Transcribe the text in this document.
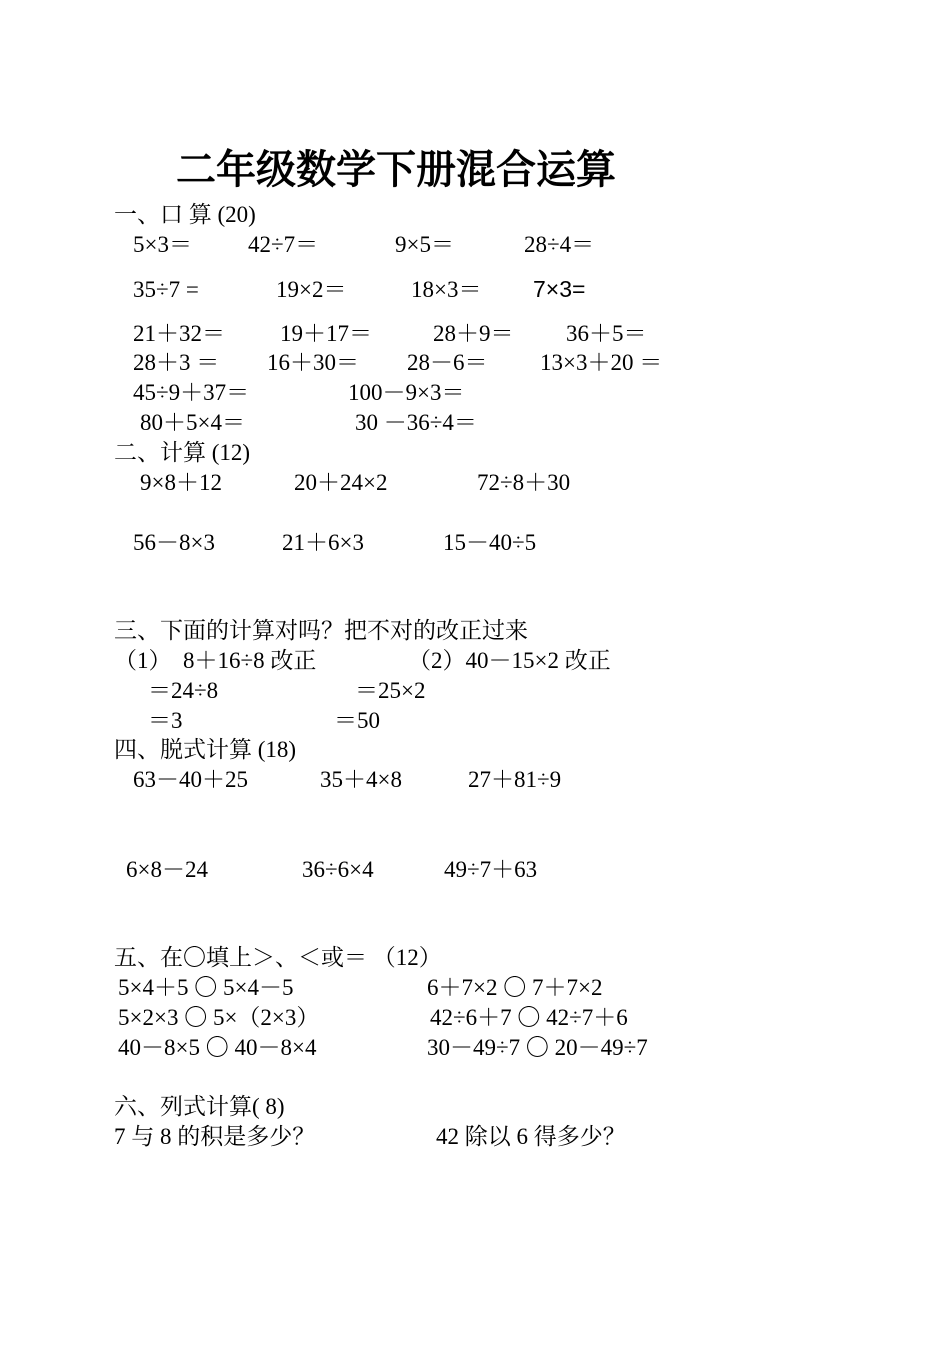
二年级数学下册混合运算
一、口 算 (20)
5×3＝ 42÷7＝	9×5＝	28÷4＝
35÷7 =	19×2＝	18×3＝ 7×3=
21＋32＝ 19＋17＝	28＋9＝ 36＋5＝
28＋3 ＝ 16＋30＝ 28－6＝ 13×3＋20 ＝
45÷9＋37＝	100－9×3＝
80＋5×4＝	30 －36÷4＝
二、计算 (12)
9×8＋12	20＋24×2	72÷8＋30
56－8×3	21＋6×3	15－40÷5
三、下面的计算对吗？把不对的改正过来
（1）  8＋16÷8 改正	（2）40－15×2 改正
＝24÷8	＝25×2
＝3	＝50
四、脱式计算 (18)
63－40＋25	35＋4×8	27＋81÷9
6×8－24	36÷6×4	49÷7＋63
五、在〇填上＞、＜或＝ （12）
5×4＋5 〇 5×4－5	6＋7×2 〇 7＋7×2
5×2×3 〇 5×（2×3）	42÷6＋7 〇 42÷7＋6
40－8×5 〇 40－8×4	30－49÷7 〇 20－49÷7
六、列式计算( 8)
7 与 8 的积是多少？	42 除以 6 得多少？
